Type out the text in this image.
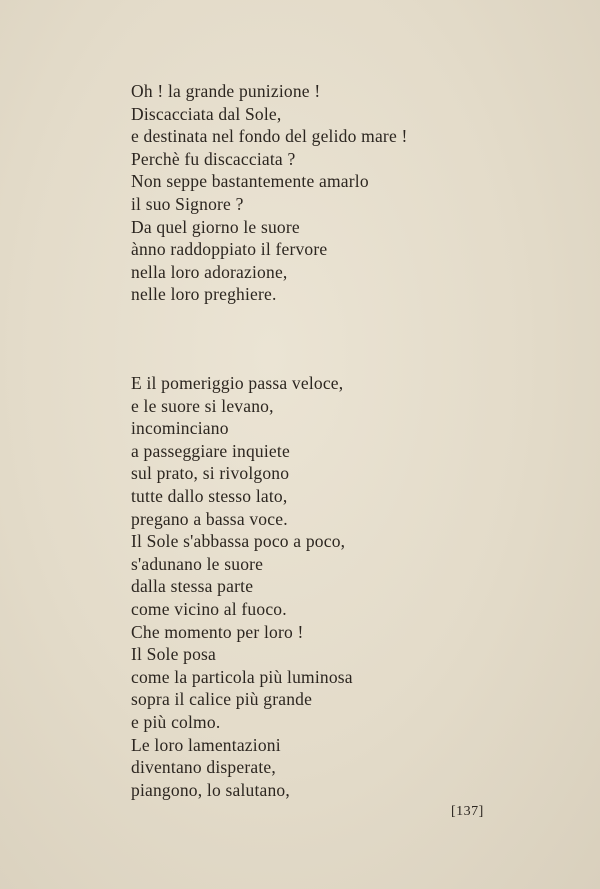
Oh ! la grande punizione !
Discacciata dal Sole,
e destinata nel fondo del gelido mare !
Perchè fu discacciata ?
Non seppe bastantemente amarlo
il suo Signore ?
Da quel giorno le suore
ànno raddoppiato il fervore
nella loro adorazione,
nelle loro preghiere.
E il pomeriggio passa veloce,
e le suore si levano,
incominciano
a passeggiare inquiete
sul prato, si rivolgono
tutte dallo stesso lato,
pregano a bassa voce.
Il Sole s'abbassa poco a poco,
s'adunano le suore
dalla stessa parte
come vicino al fuoco.
Che momento per loro !
Il Sole posa
come la particola più luminosa
sopra il calice più grande
e più colmo.
Le loro lamentazioni
diventano disperate,
piangono, lo salutano,
[137]
